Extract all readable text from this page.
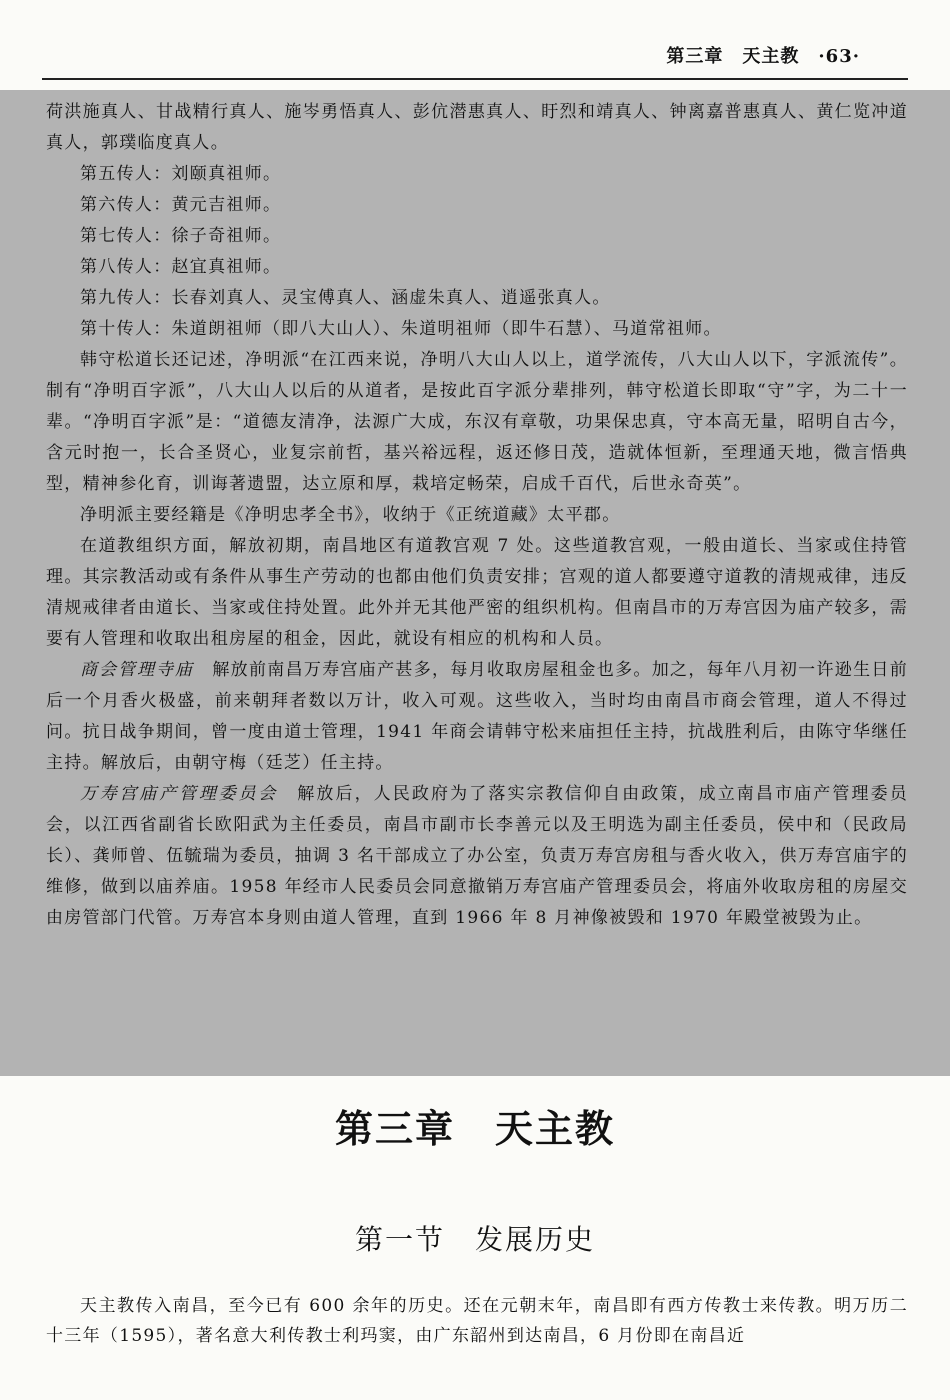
第三章　天主教　·63·

荷洪施真人、甘战精行真人、施岑勇悟真人、彭伉潜惠真人、盱烈和靖真人、钟离嘉普惠真人、黄仁览冲道真人，郭璞临度真人。

第五传人：刘颐真祖师。

第六传人：黄元吉祖师。

第七传人：徐子奇祖师。

第八传人：赵宜真祖师。

第九传人：长春刘真人、灵宝傅真人、涵虚朱真人、逍遥张真人。

第十传人：朱道朗祖师（即八大山人）、朱道明祖师（即牛石慧）、马道常祖师。

韩守松道长还记述，净明派“在江西来说，净明八大山人以上，道学流传，八大山人以下，字派流传”。制有“净明百字派”，八大山人以后的从道者，是按此百字派分辈排列，韩守松道长即取“守”字，为二十一辈。“净明百字派”是：“道德友清净，法源广大成，东汉有章敬，功果保忠真，守本高无量，昭明自古今，含元时抱一，长合圣贤心，业复宗前哲，基兴裕远程，返还修日茂，造就体恒新，至理通天地，微言悟典型，精神参化育，训诲著遗盟，达立原和厚，栽培定畅荣，启成千百代，后世永奇英”。

净明派主要经籍是《净明忠孝全书》，收纳于《正统道藏》太平郡。

在道教组织方面，解放初期，南昌地区有道教宫观 7 处。这些道教宫观，一般由道长、当家或住持管理。其宗教活动或有条件从事生产劳动的也都由他们负责安排；宫观的道人都要遵守道教的清规戒律，违反清规戒律者由道长、当家或住持处置。此外并无其他严密的组织机构。但南昌市的万寿宫因为庙产较多，需要有人管理和收取出租房屋的租金，因此，就设有相应的机构和人员。

商会管理寺庙　解放前南昌万寿宫庙产甚多，每月收取房屋租金也多。加之，每年八月初一许逊生日前后一个月香火极盛，前来朝拜者数以万计，收入可观。这些收入，当时均由南昌市商会管理，道人不得过问。抗日战争期间，曾一度由道士管理，1941 年商会请韩守松来庙担任主持，抗战胜利后，由陈守华继任主持。解放后，由朝守梅（廷芝）任主持。

万寿宫庙产管理委员会　解放后，人民政府为了落实宗教信仰自由政策，成立南昌市庙产管理委员会，以江西省副省长欧阳武为主任委员，南昌市副市长李善元以及王明选为副主任委员，侯中和（民政局长）、龚师曾、伍毓瑞为委员，抽调 3 名干部成立了办公室，负责万寿宫房租与香火收入，供万寿宫庙宇的维修，做到以庙养庙。1958 年经市人民委员会同意撤销万寿宫庙产管理委员会，将庙外收取房租的房屋交由房管部门代管。万寿宫本身则由道人管理，直到 1966 年 8 月神像被毁和 1970 年殿堂被毁为止。

第三章　天主教
第一节　发展历史

天主教传入南昌，至今已有 600 余年的历史。还在元朝末年，南昌即有西方传教士来传教。明万历二十三年（1595），著名意大利传教士利玛窦，由广东韶州到达南昌，6 月份即在南昌近
